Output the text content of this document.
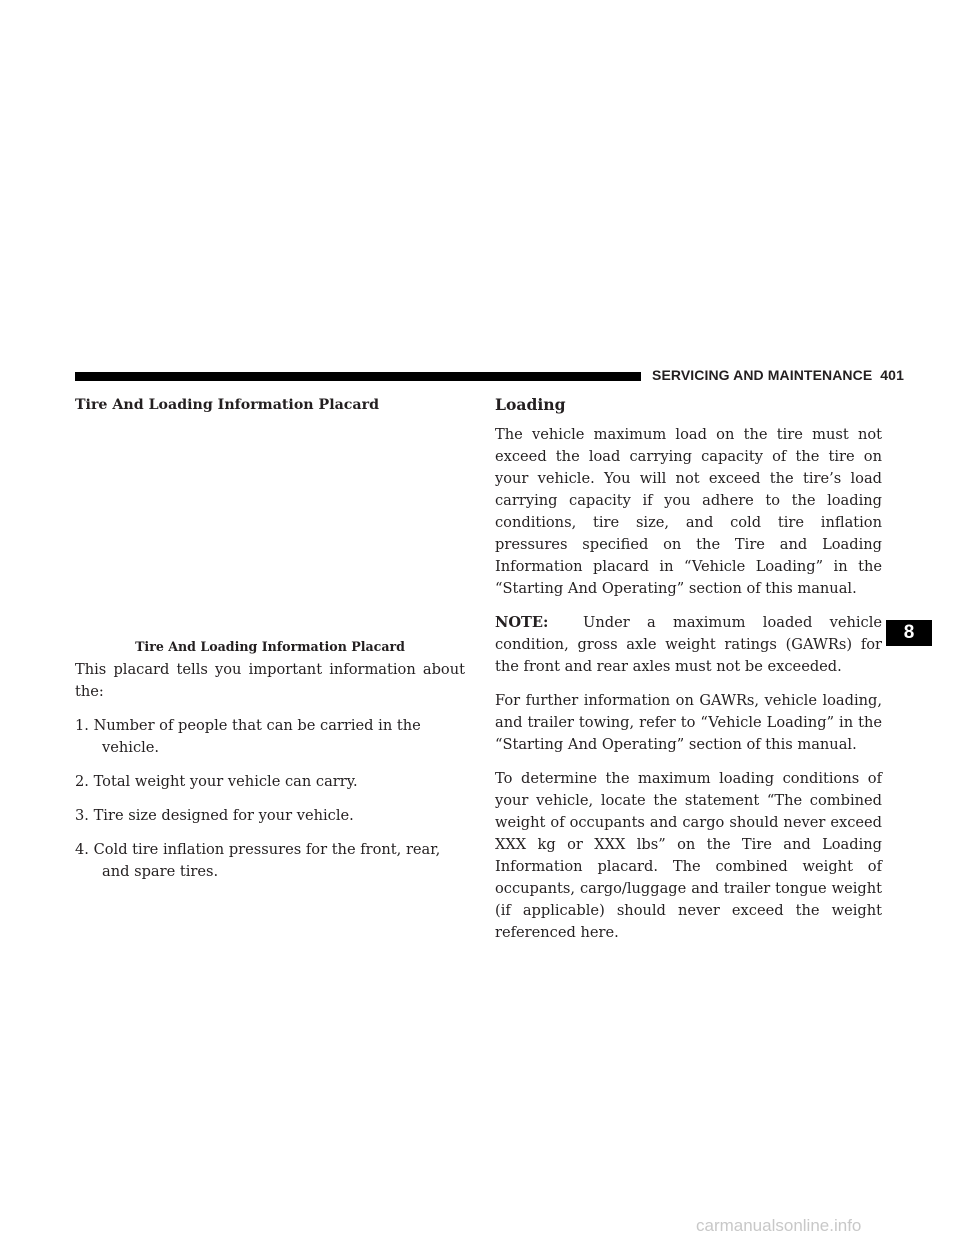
SERVICING AND MAINTENANCE 401
Tire And Loading Information Placard

Tire And Loading Information Placard

This placard tells you important information about the:

1. Number of people that can be carried in the vehicle.
2. Total weight your vehicle can carry.
3. Tire size designed for your vehicle.
4. Cold tire inflation pressures for the front, rear, and spare tires.
Loading

The vehicle maximum load on the tire must not exceed the load carrying capacity of the tire on your vehicle. You will not exceed the tire’s load carrying capacity if you adhere to the loading conditions, tire size, and cold tire inflation pressures specified on the Tire and Loading Information placard in “Vehicle Loading” in the “Starting And Operating” section of this manual.

NOTE: Under a maximum loaded vehicle condition, gross axle weight ratings (GAWRs) for the front and rear axles must not be exceeded.

For further information on GAWRs, vehicle loading, and trailer towing, refer to “Vehicle Loading” in the “Starting And Operating” section of this manual.

To determine the maximum loading conditions of your vehicle, locate the statement “The combined weight of occupants and cargo should never exceed XXX kg or XXX lbs” on the Tire and Loading Information placard. The combined weight of occupants, cargo/luggage and trailer tongue weight (if applicable) should never exceed the weight referenced here.

8
carmanualsonline.info
